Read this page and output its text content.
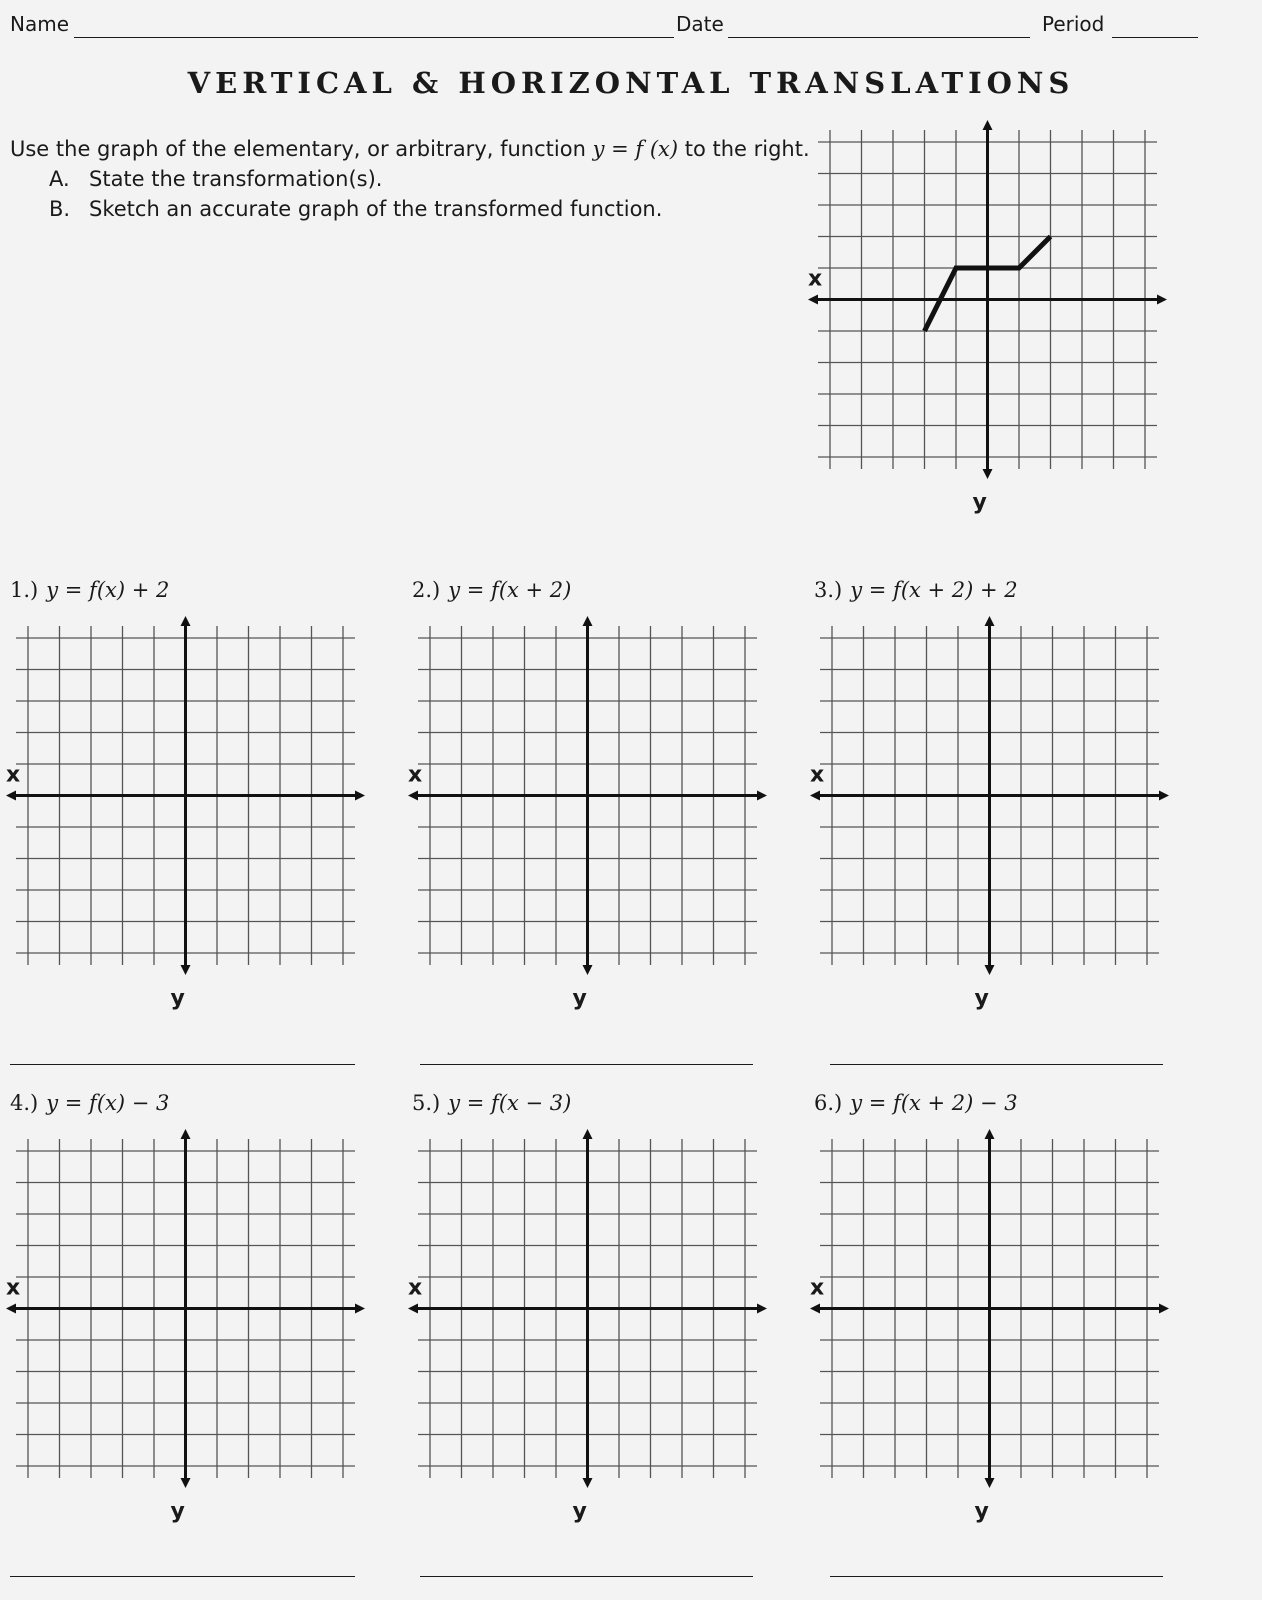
Name	Date	Period
VERTICAL & HORIZONTAL TRANSLATIONS
Use the graph of the elementary, or arbitrary, function y = f (x) to the right.
A. State the transformation(s).
B. Sketch an accurate graph of the transformed function.
x
y
1.) y = f(x) + 2	2.) y = f(x + 2)	3.) y = f(x + 2) + 2
4.) y = f(x) − 3	5.) y = f(x − 3)	6.) y = f(x + 2) − 3
x
y
x
y
x
y
x
y
x
y
x
y
